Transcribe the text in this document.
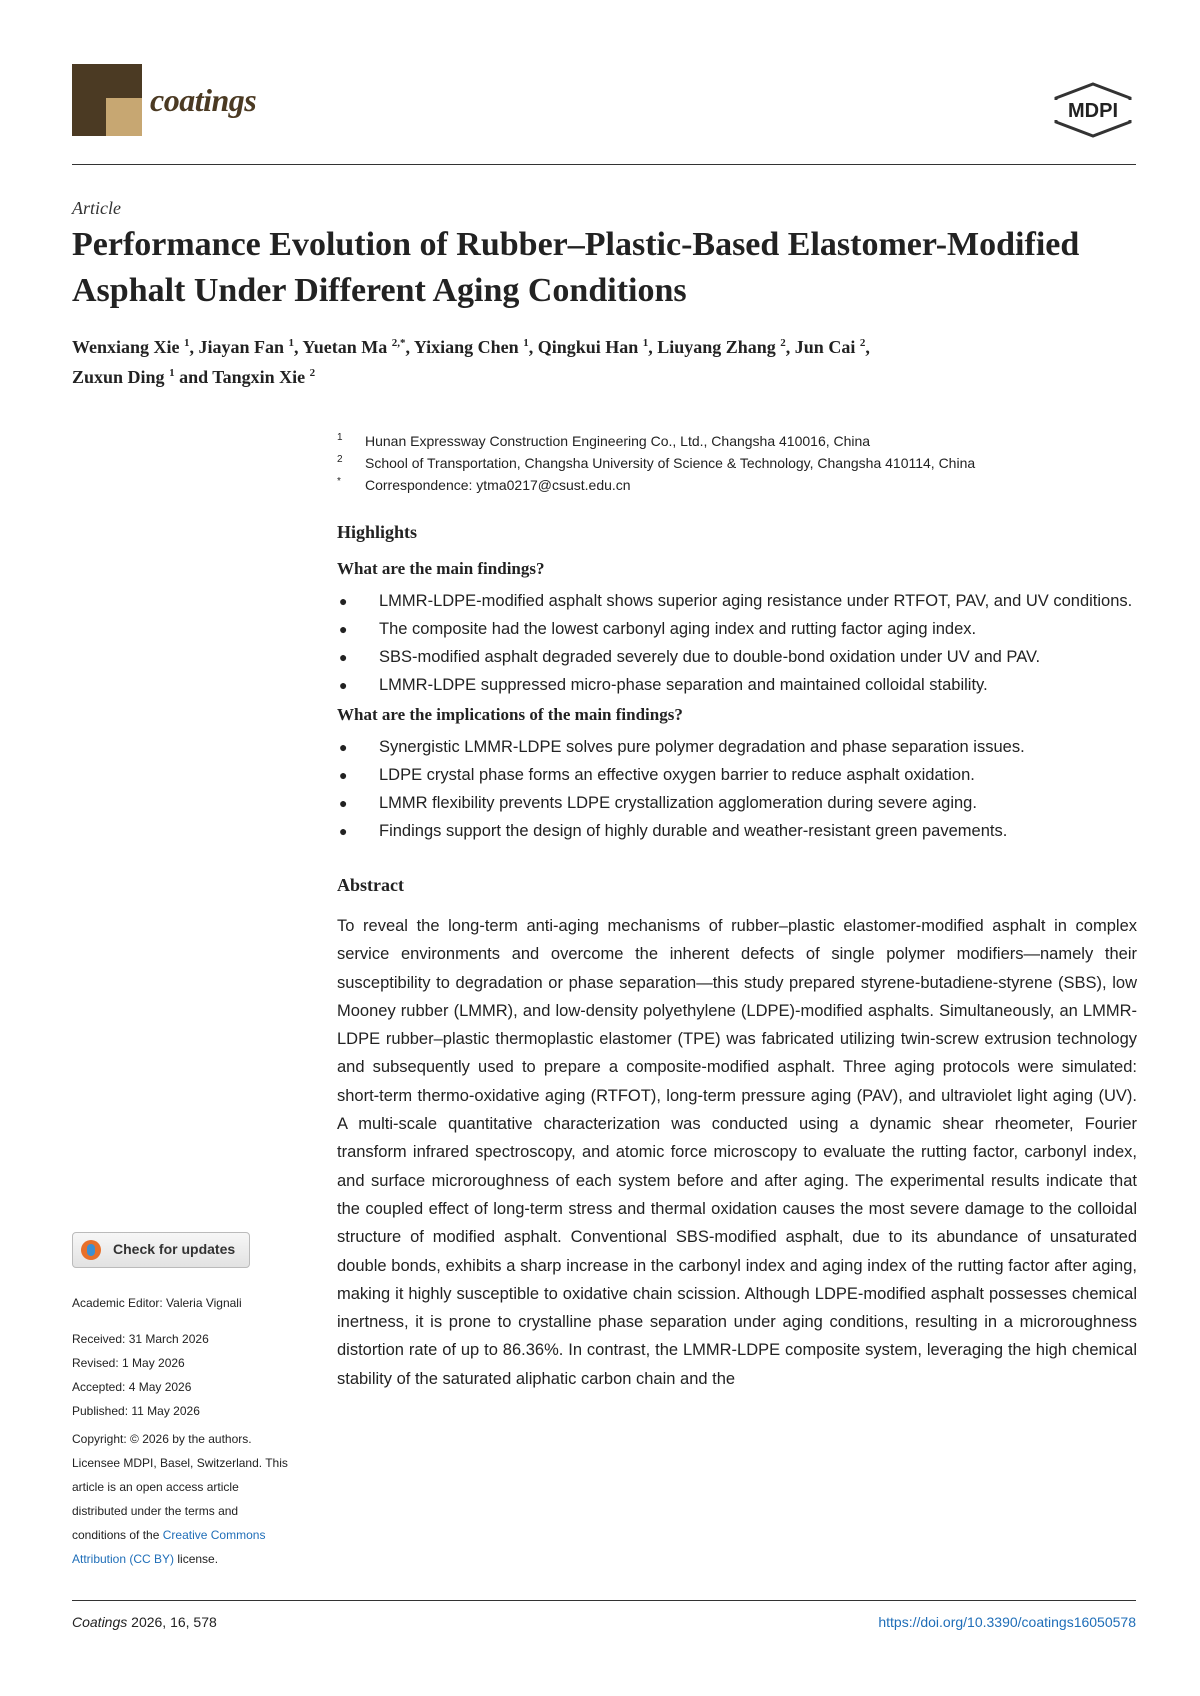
coatings	MDPI
Article
Performance Evolution of Rubber–Plastic-Based Elastomer-Modified Asphalt Under Different Aging Conditions
Wenxiang Xie $^1$, Jiayan Fan $^1$, Yuetan Ma $^{2,*}$, Yixiang Chen $^1$, Qingkui Han $^1$, Liuyang Zhang $^2$, Jun Cai $^2$,
Zuxun Ding $^1$ and Tangxin Xie $^2$
1 Hunan Expressway Construction Engineering Co., Ltd., Changsha 410016, China
2 School of Transportation, Changsha University of Science & Technology, Changsha 410114, China
* Correspondence: ytma0217@csust.edu.cn
Highlights
What are the main findings?
● LMMR-LDPE-modified asphalt shows superior aging resistance under RTFOT, PAV, and UV conditions.
● The composite had the lowest carbonyl aging index and rutting factor aging index.
● SBS-modified asphalt degraded severely due to double-bond oxidation under UV and PAV.
● LMMR-LDPE suppressed micro-phase separation and maintained colloidal stability.
What are the implications of the main findings?
● Synergistic LMMR-LDPE solves pure polymer degradation and phase separation issues.
● LDPE crystal phase forms an effective oxygen barrier to reduce asphalt oxidation.
● LMMR flexibility prevents LDPE crystallization agglomeration during severe aging.
● Findings support the design of highly durable and weather-resistant green pavements.
Abstract
To reveal the long-term anti-aging mechanisms of rubber–plastic elastomer-modified asphalt in complex service environments and overcome the inherent defects of single polymer modifiers—namely their susceptibility to degradation or phase separation—this study prepared styrene-butadiene-styrene (SBS), low Mooney rubber (LMMR), and low-density polyethylene (LDPE)-modified asphalts. Simultaneously, an LMMR-LDPE rubber–plastic thermoplastic elastomer (TPE) was fabricated utilizing twin-screw extrusion technology and subsequently used to prepare a composite-modified asphalt. Three aging protocols were simulated: short-term thermo-oxidative aging (RTFOT), long-term pressure aging (PAV), and ultraviolet light aging (UV). A multi-scale quantitative characterization was conducted using a dynamic shear rheometer, Fourier transform infrared spectroscopy, and atomic force microscopy to evaluate the rutting factor, carbonyl index, and surface microroughness of each system before and after aging. The experimental results indicate that the coupled effect of long-term stress and thermal oxidation causes the most severe damage to the colloidal structure of modified asphalt. Conventional SBS-modified asphalt, due to its abundance of unsaturated double bonds, exhibits a sharp increase in the carbonyl index and aging index of the rutting factor after aging, making it highly susceptible to oxidative chain scission. Although LDPE-modified asphalt possesses chemical inertness, it is prone to crystalline phase separation under aging conditions, resulting in a microroughness distortion rate of up to 86.36%. In contrast, the LMMR-LDPE composite system, leveraging the high chemical stability of the saturated aliphatic carbon chain and the
Check for updates
Academic Editor: Valeria Vignali
Received: 31 March 2026
Revised: 1 May 2026
Accepted: 4 May 2026
Published: 11 May 2026
Copyright: © 2026 by the authors. Licensee MDPI, Basel, Switzerland. This article is an open access article distributed under the terms and conditions of the Creative Commons Attribution (CC BY) license.
Coatings 2026, 16, 578	https://doi.org/10.3390/coatings16050578
